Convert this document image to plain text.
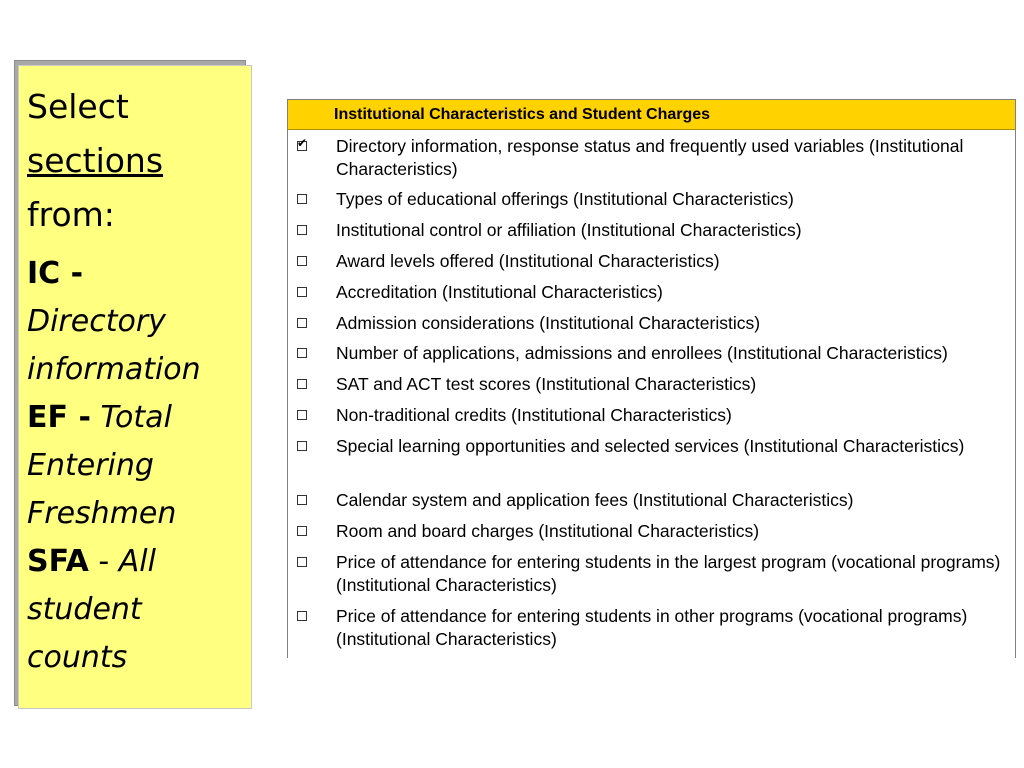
Select
sections
from:
IC -
Directory
information
EF - Total
Entering
Freshmen
SFA - All
student
counts
Institutional Characteristics and Student Charges
✔ Directory information, response status and frequently used variables (Institutional Characteristics)
Types of educational offerings (Institutional Characteristics)
Institutional control or affiliation (Institutional Characteristics)
Award levels offered (Institutional Characteristics)
Accreditation (Institutional Characteristics)
Admission considerations (Institutional Characteristics)
Number of applications, admissions and enrollees (Institutional Characteristics)
SAT and ACT test scores (Institutional Characteristics)
Non-traditional credits (Institutional Characteristics)
Special learning opportunities and selected services (Institutional Characteristics)
Calendar system and application fees (Institutional Characteristics)
Room and board charges (Institutional Characteristics)
Price of attendance for entering students in the largest program (vocational programs) (Institutional Characteristics)
Price of attendance for entering students in other programs (vocational programs) (Institutional Characteristics)
